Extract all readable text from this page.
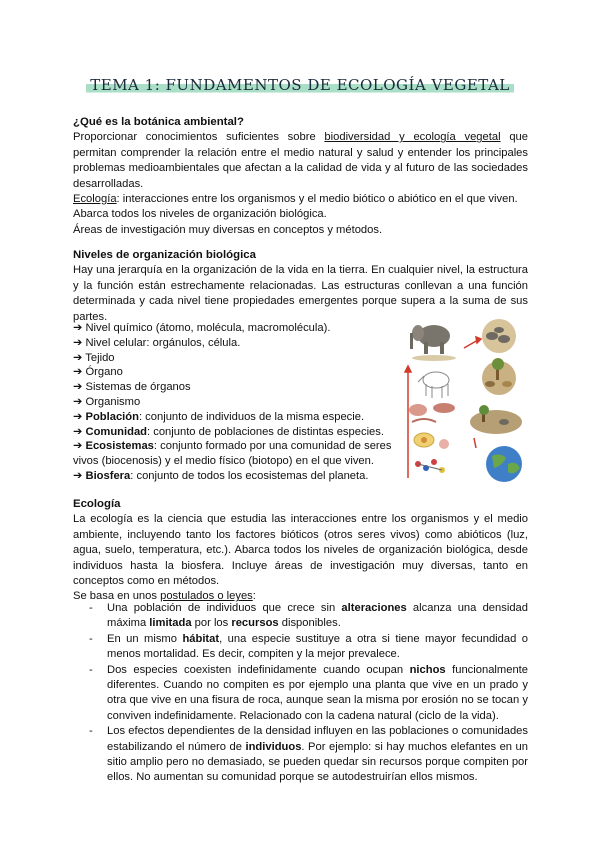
TEMA 1: FUNDAMENTOS DE ECOLOGÍA VEGETAL
¿Qué es la botánica ambiental?
Proporcionar conocimientos suficientes sobre biodiversidad y ecología vegetal que permitan comprender la relación entre el medio natural y salud y entender los principales problemas medioambientales que afectan a la calidad de vida y al futuro de las sociedades desarrolladas.
Ecología: interacciones entre los organismos y el medio biótico o abiótico en el que viven. Abarca todos los niveles de organización biológica.
Áreas de investigación muy diversas en conceptos y métodos.
Niveles de organización biológica
Hay una jerarquía en la organización de la vida en la tierra. En cualquier nivel, la estructura y la función están estrechamente relacionadas. Las estructuras conllevan a una función determinada y cada nivel tiene propiedades emergentes porque supera a la suma de sus partes.
➔ Nivel químico (átomo, molécula, macromolécula).
➔ Nivel celular: orgánulos, célula.
➔ Tejido
➔ Órgano
➔ Sistemas de órganos
➔ Organismo
➔ Población: conjunto de individuos de la misma especie.
➔ Comunidad: conjunto de poblaciones de distintas especies.
➔ Ecosistemas: conjunto formado por una comunidad de seres
vivos (biocenosis) y el medio físico (biotopo) en el que viven.
➔ Biosfera: conjunto de todos los ecosistemas del planeta.
Ecología
La ecología es la ciencia que estudia las interacciones entre los organismos y el medio ambiente, incluyendo tanto los factores bióticos (otros seres vivos) como abióticos (luz, agua, suelo, temperatura, etc.). Abarca todos los niveles de organización biológica, desde individuos hasta la biosfera. Incluye áreas de investigación muy diversas, tanto en conceptos como en métodos.
Se basa en unos postulados o leyes:
- Una población de individuos que crece sin alteraciones alcanza una densidad máxima limitada por los recursos disponibles.
- En un mismo hábitat, una especie sustituye a otra si tiene mayor fecundidad o menos mortalidad. Es decir, compiten y la mejor prevalece.
- Dos especies coexisten indefinidamente cuando ocupan nichos funcionalmente diferentes. Cuando no compiten es por ejemplo una planta que vive en un prado y otra que vive en una fisura de roca, aunque sean la misma por erosión no se tocan y conviven indefinidamente. Relacionado con la cadena natural (ciclo de la vida).
- Los efectos dependientes de la densidad influyen en las poblaciones o comunidades estabilizando el número de individuos. Por ejemplo: si hay muchos elefantes en un sitio amplio pero no demasiado, se pueden quedar sin recursos porque compiten por ellos. No aumentan su comunidad porque se autodestruirían ellos mismos.
